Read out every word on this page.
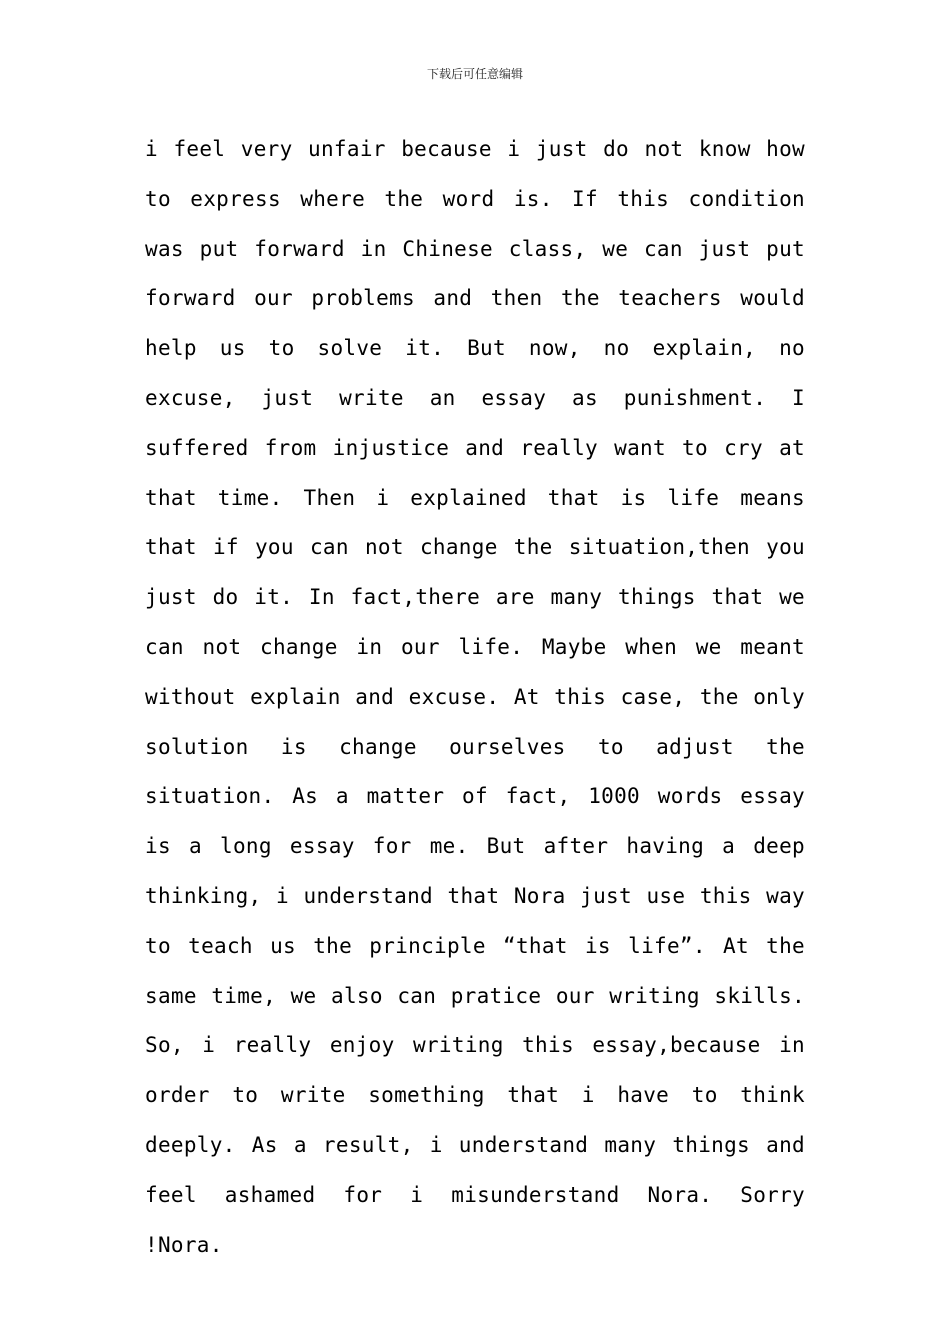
下载后可任意编辑

i feel very unfair because i just do not know how to express where the word is. If this condition was put forward in Chinese class, we can just put forward our problems and then the teachers would help us to solve it. But now, no explain, no excuse, just write an essay as punishment. I suffered from injustice and really want to cry at that time. Then i explained that is life means that if you can not change the situation,then you just do it. In fact,there are many things that we can not change in our life. Maybe when we meant without explain and excuse. At this case, the only solution is change ourselves to adjust the situation. As a matter of fact, 1000 words essay is a long essay for me. But after having a deep thinking, i understand that Nora just use this way to teach us the principle “that is life”. At the same time, we also can pratice our writing skills. So, i really enjoy writing this essay,because in order to write something that i have to think deeply. As a result, i understand many things and feel ashamed for i misunderstand Nora. Sorry !Nora.
